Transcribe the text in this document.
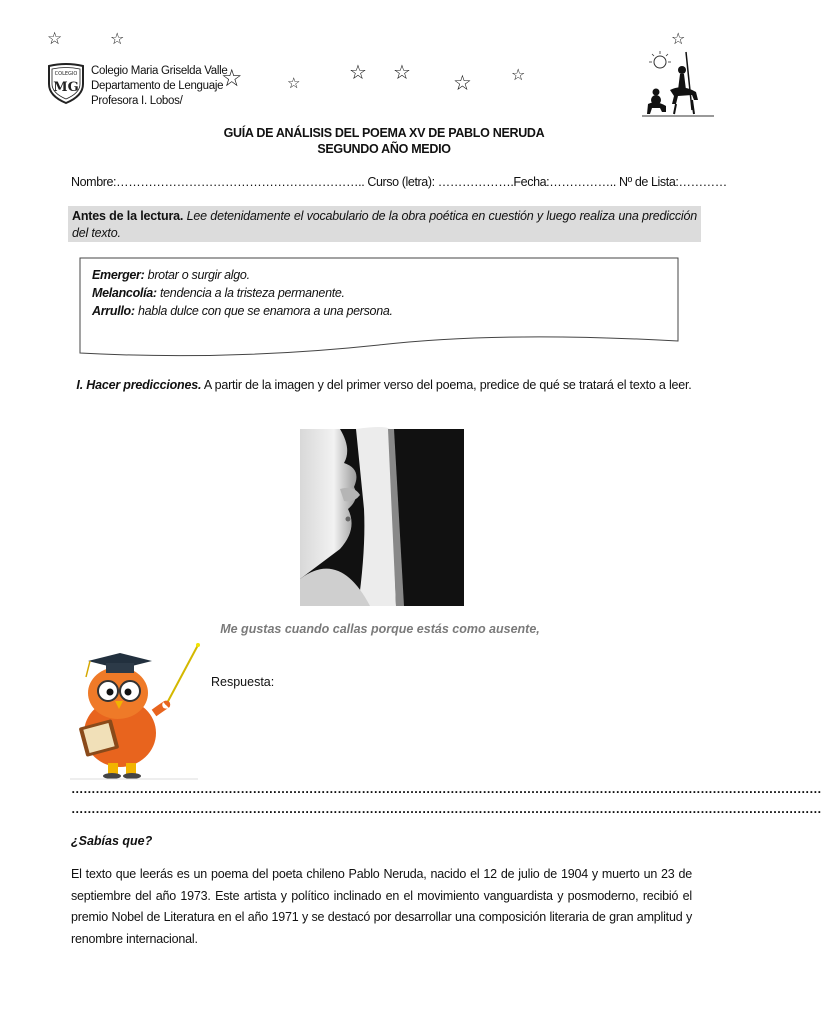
☆	☆
☆	☆ ☆ ☆ ☆ ☆
☆
COLEGIO
MG
Colegio Maria Griselda Valle
Departamento de Lenguaje
Profesora I. Lobos/
GUÍA DE ANÁLISIS DEL POEMA XV DE PABLO NERUDA
SEGUNDO AÑO MEDIO
Nombre:…………………………………………………….. Curso (letra): ……………….Fecha:…………….. Nº de Lista:…………
Antes de la lectura. Lee detenidamente el vocabulario de la obra poética en cuestión y luego realiza una predicción del texto.
Emerger: brotar o surgir algo.
Melancolía: tendencia a la tristeza permanente.
Arrullo: habla dulce con que se enamora a una persona.
I. Hacer predicciones. A partir de la imagen y del primer verso del poema, predice de qué se tratará el texto a leer.
Me gustas cuando callas porque estás como ausente,
Respuesta:
……………………………………………………………………………………………………………………………………………………………………
……………………………………………………………………………………………………………………………………………………………………
¿Sabías que?
El texto que leerás es un poema del poeta chileno Pablo Neruda, nacido el 12 de julio de 1904 y muerto un 23 de septiembre del año 1973. Este artista y político inclinado en el movimiento vanguardista y posmoderno, recibió el premio Nobel de Literatura en el año 1971 y se destacó por desarrollar una composición literaria de gran amplitud y renombre internacional.
